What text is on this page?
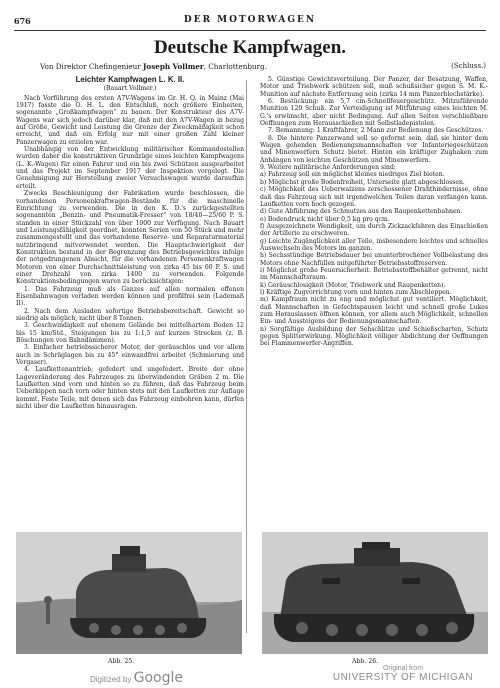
676	DER MOTORWAGEN
Deutsche Kampfwagen.
Von Direktor Chefingenieur Joseph Vollmer, Charlottenburg.	(Schluss.)
Leichter Kampfwagen L. K. II.
(Bauart Vollmer.)

Nach Vorführung des ersten A7V-Wagens im Gr. H. Q. in Mainz (Mai 1917) fasste die O. H. L. den Entschluß, noch größere Einheiten, sogenannte „Großkampfwagen“ zu bauen. Der Konstrukteur des A7V-Wagens war sich jedoch darüber klar, daß mit den A7V-Wagen in bezug auf Größe, Gewicht und Leistung die Grenze der Zweckmäßigkeit schon erreicht, und daß ein Erfolg nur mit einer großen Zahl kleiner Panzerwagen zu erzielen war.

Unabhängig von der Entwicklung militärischer Kommandostellen wurden daher die konstruktiven Grundzüge eines leichten Kampfwagens (L. K.-Wagen) für einen Fahrer und ein bis zwei Schützen ausgearbeitet und das Projekt im September 1917 der Inspektion vorgelegt. Die Genehmigung zur Herstellung zweier Versuchswagen wurde daraufhin erteilt.

Zwecks Beschleunigung der Fabrikation wurde beschlossen, die vorhandenen Personenkraftwagen-Bestände für die maschinelle Einrichtung zu verwenden. Die in den K. D.'s zurückgestellten sogenannten „Benzin- und Pneumatik-Fresser“ von 18/40—25/60 P. S. standen in einer Stückzahl von über 1000 zur Verfügung. Nach Bauart und Leistungsfähigkeit geordnet, konnten Serien von 50 Stück und mehr zusammengestellt und das vorhandene Reserve- und Reparaturmaterial nutzbringend mitverwendet werden. Die Hauptschwierigkeit der Konstruktion bestand in der Begrenzung des Betriebsgewichtes infolge der notgedrungenen Absicht, für die vorhandenen Personenkraftwagen Motoren von einer Durchschnittsleistung von zirka 45 bis 60 P. S. und einer Drehzahl von zirka 1400 zu verwenden. Folgende Konstruktionsbedingungen waren zu berücksichtigen:

1. Das Fahrzeug muß als Ganzes auf allen normalen offenen Eisenbahnwagen verladen werden können und profilfrei sein (Lademaß II).

2. Nach dem Ausladen sofortige Betriebsbereitschaft. Gewicht so niedrig als möglich, nicht über 8 Tonnen.

3. Geschwindigkeit auf ebenem Gelände bei mittelhartem Boden 12 bis 15 km/Std., Steigungen bis zu 1:1,5 auf kurzen Strecken (z. B. Böschungen von Bahndämmen).

3. Einfacher betriebssicherer Motor, der geräuschlos und vor allem auch in Schräglagen bis zu 45° einwandfrei arbeitet (Schmierung und Vergaser).

4. Laufkettenantrieb, gefedert und ungefedert. Breite der ohne Lageveränderung des Fahrzeuges zu überwindenden Gräben 2 m. Die Laufketten sind vorn und hinten so zu führen, daß das Fahrzeug beim Ueberkippen nach vorn oder hinten stets mit den Laufketten zur Auflage kommt. Feste Teile, mit denen sich das Fahrzeug einbohren kann, dürfen nicht über die Laufketten hinausragen.

5. Günstige Gewichtsverteilung. Der Panzer, der Besatzung, Waffen, Motor und Triebwerk schützen soll, muß schußsicher gegen S. M. K.-Munition auf nächste Entfernung sein (zirka 14 mm Panzerblechstärke).

6. Bestückung: ein 5,7 cm-Schnellfeuergeschütz. Mitzuführende Munition 120 Schuß. Zur Verteidigung ist Mitführung eines leichten M. G.'s erwünscht, aber nicht Bedingung. Auf allen Seiten verschließbare Oeffnungen zum Herausschießen mit Selbstladepistolen.

7. Bemannung: 1 Kraftfahrer, 2 Mann zur Bedienung des Geschützes.

8. Die hintere Panzerwand soll so geformt sein, daß sie hinter dem Wagen gehenden Bedienungsmannschaften vor Infanteriegeschützen und Minenwerfern Schutz bietet. Hinten ein kräftiger Zughaken zum Anhängen von leichten Geschützen und Minenwerfern.

9. Weitere militärische Anforderungen sind:

a) Fahrzeug soll ein möglichst kleines niedriges Ziel bieten.

b) Möglichst große Bodenfreiheit, Unterseite glatt abgeschlossen.

c) Möglichkeit des Ueberwalzens zerschossener Drahthindernisse, ohne daß das Fahrzeug sich mit irgendwelchen Teilen daran verfangen kann. Laufketten vorn hoch gezogen.

d) Gute Abführung des Schmutzes aus den Raupenkettenbahnen.

e) Bodendruck nicht über 0,5 kg pro qcm.

f) Ausgezeichnete Wendigkeit, um durch Zickzackfahren das Einschießen der Artillerie zu erschweren.

g) Leichte Zugänglichkeit aller Teile, insbesondere leichtes und schnelles Auswechseln des Motors im ganzen.

h) Sechsstündige Betriebsdauer bei ununterbrochener Vollbelastung des Motors ohne Nachfüllen mitgeführter Betriebsstoffreserven.

i) Möglichst große Feuersicherheit. Betriebsstoffbehälter getrennt, nicht im Mannschaftsraum.

k) Geräuschlosigkeit (Motor, Triebwerk und Raupenketten).

l) Kräftige Zugvorrichtung vorn und hinten zum Abschleppen.

m) Kampfraum nicht zu eng und möglichst gut ventiliert. Möglichkeit, daß Mannschaften in Gefechtspausen leicht und schnell große Lukes zum Herauslassen öffnen können, vor allem auch Möglichkeit, schnellen Ein- und Aussteigens der Bedienungsmannschaften.

n) Sorgfältige Ausbildung der Sehschlitze und Schießscharten, Schutz gegen Splitterwirkung. Möglichkeit völliger Abdichtung der Oeffnungen bei Flammenwerfer-Angriffen.

Abb. 25.	Abb. 26.
Digitized by Google
Original from
UNIVERSITY OF MICHIGAN
